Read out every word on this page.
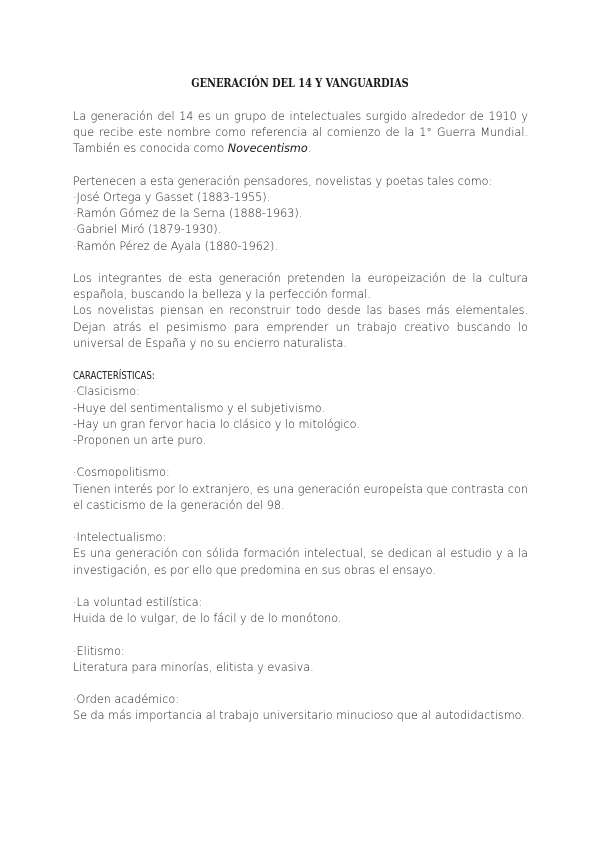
GENERACIÓN DEL 14 Y VANGUARDIAS

La generación del 14 es un grupo de intelectuales surgido alrededor de 1910 y que recibe este nombre como referencia al comienzo de la 1° Guerra Mundial. También es conocida como Novecentismo.

Pertenecen a esta generación pensadores, novelistas y poetas tales como:

·José Ortega y Gasset (1883-1955).

·Ramón Gómez de la Serna (1888-1963).

·Gabriel Miró (1879-1930).

·Ramón Pérez de Ayala (1880-1962).

Los integrantes de esta generación pretenden la europeización de la cultura española, buscando la belleza y la perfección formal.

Los novelistas piensan en reconstruir todo desde las bases más elementales. Dejan atrás el pesimismo para emprender un trabajo creativo buscando lo universal de España y no su encierro naturalista.

CARACTERÍSTICAS:

·Clasicismo:

-Huye del sentimentalismo y el subjetivismo.

-Hay un gran fervor hacia lo clásico y lo mitológico.

-Proponen un arte puro.

·Cosmopolitismo:

Tienen interés por lo extranjero, es una generación europeísta que contrasta con el casticismo de la generación del 98.

·Intelectualismo:

Es una generación con sólida formación intelectual, se dedican al estudio y a la investigación, es por ello que predomina en sus obras el ensayo.

·La voluntad estilística:

Huida de lo vulgar, de lo fácil y de lo monótono.

·Elitismo:

Literatura para minorías, elitista y evasiva.

·Orden académico:

Se da más importancia al trabajo universitario minucioso que al autodidactismo.
